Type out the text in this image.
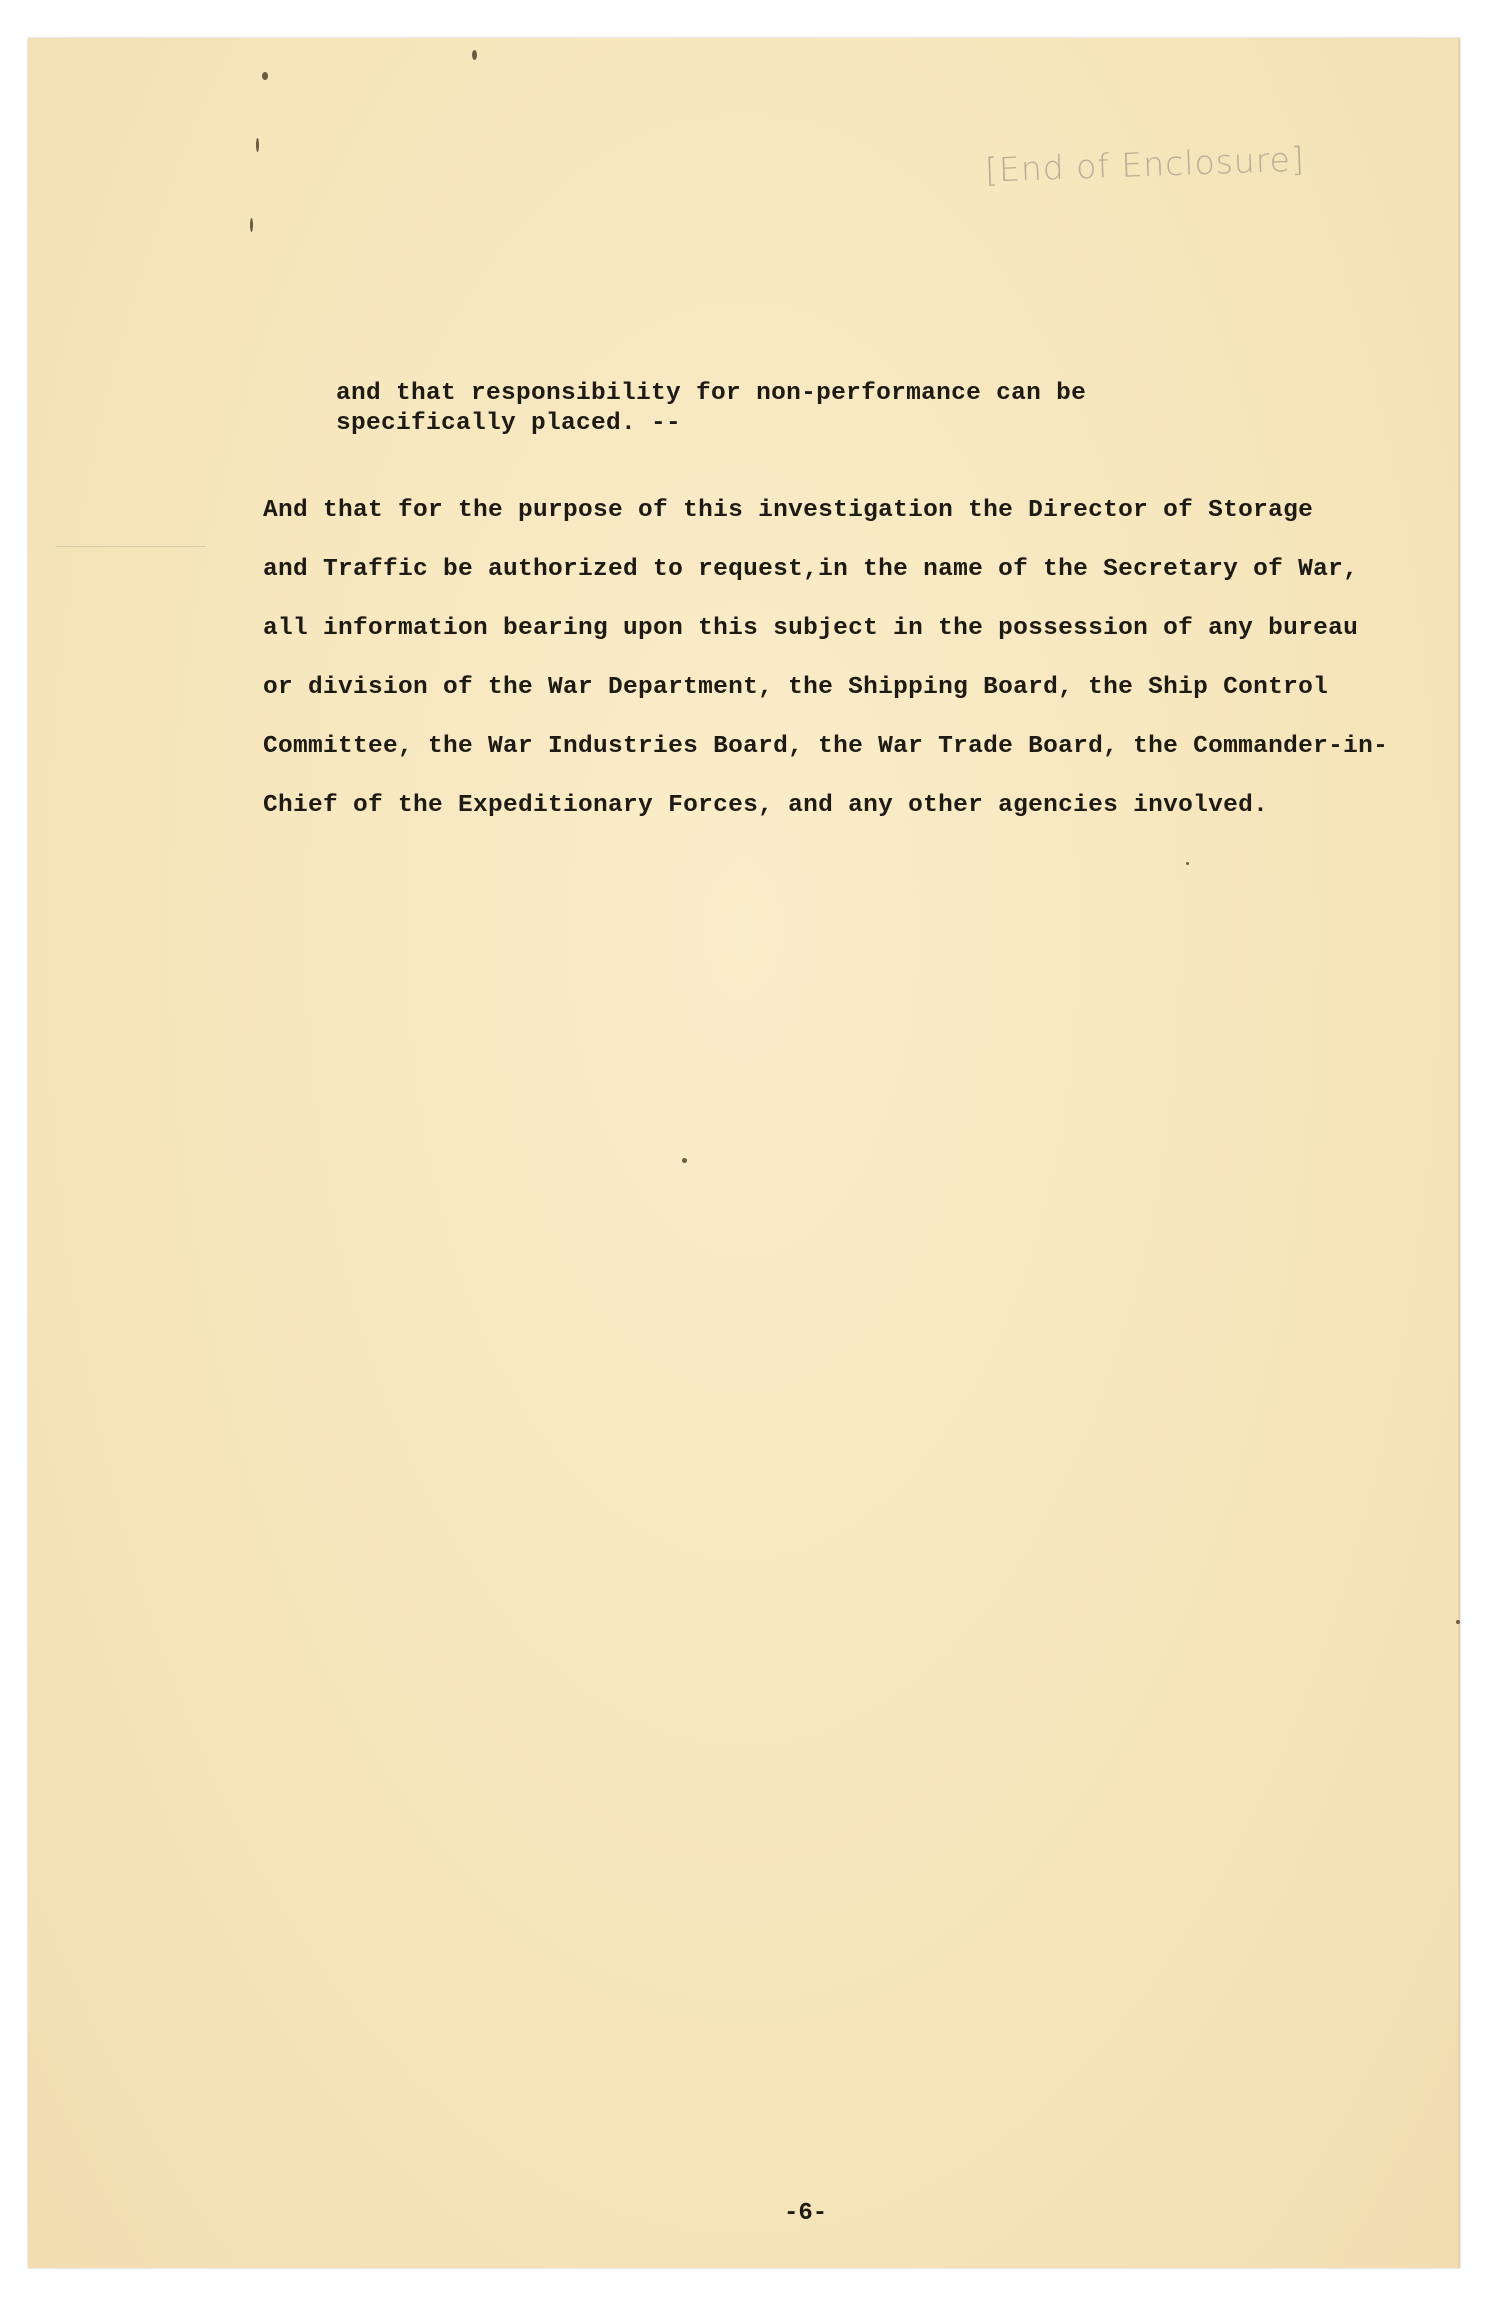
[End of Enclosure]
and that responsibility for non-performance can be
specifically placed. --
And that for the purpose of this investigation the Director of Storage
and Traffic be authorized to request,in the name of the Secretary of War,
all information bearing upon this subject in the possession of any bureau
or division of the War Department, the Shipping Board, the Ship Control
Committee, the War Industries Board, the War Trade Board, the Commander-in-
Chief of the Expeditionary Forces, and any other agencies involved.
-6-
